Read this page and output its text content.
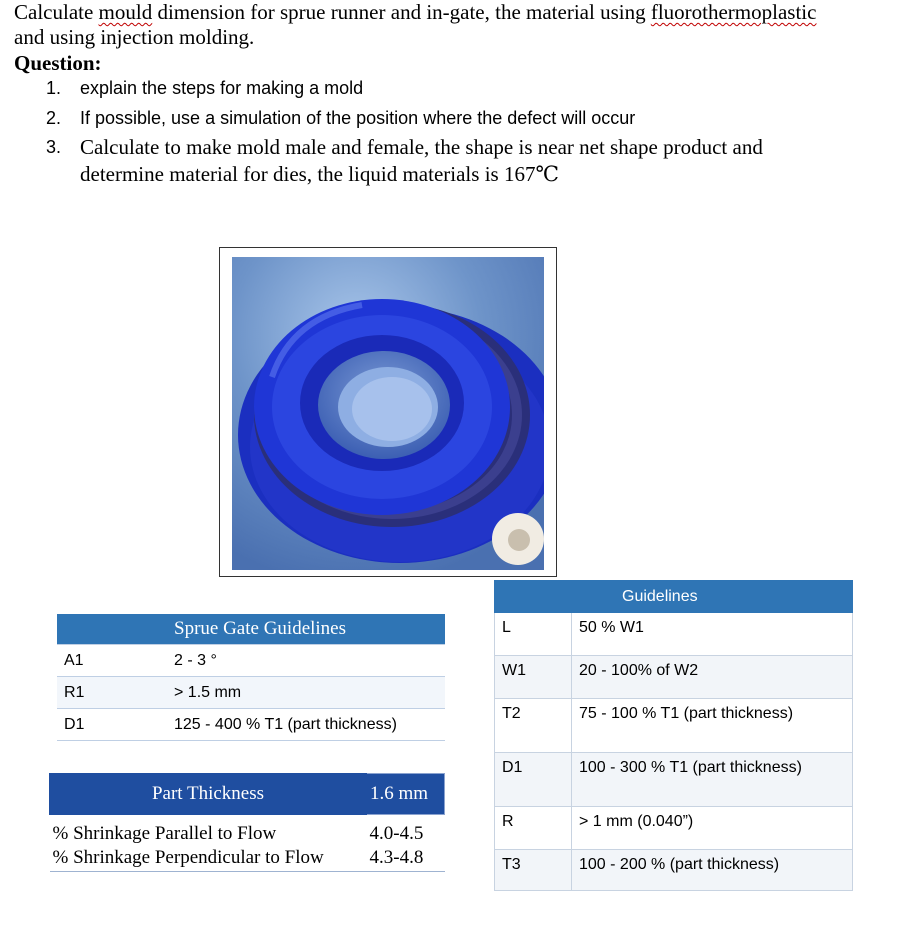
Calculate mould dimension for sprue runner and in-gate, the material using fluorothermoplastic
and using injection molding.
Question:
1.	explain the steps for making a mold
2.	If possible, use a simulation of the position where the defect will occur
3. Calculate to make mold male and female, the shape is near net shape product and
determine material for dies, the liquid materials is 167℃
	Sprue Gate Guidelines
A1	2 - 3 °
R1	> 1.5 mm
D1	125 - 400 % T1 (part thickness)
Part Thickness	1.6 mm
% Shrinkage Parallel to Flow	4.0-4.5
% Shrinkage Perpendicular to Flow	4.3-4.8
	Guidelines
L	50 % W1
W1	20 - 100% of W2
T2	75 - 100 % T1 (part thickness)
D1	100 - 300 % T1 (part thickness)
R	> 1 mm (0.040”)
T3	100 - 200 % (part thickness)
